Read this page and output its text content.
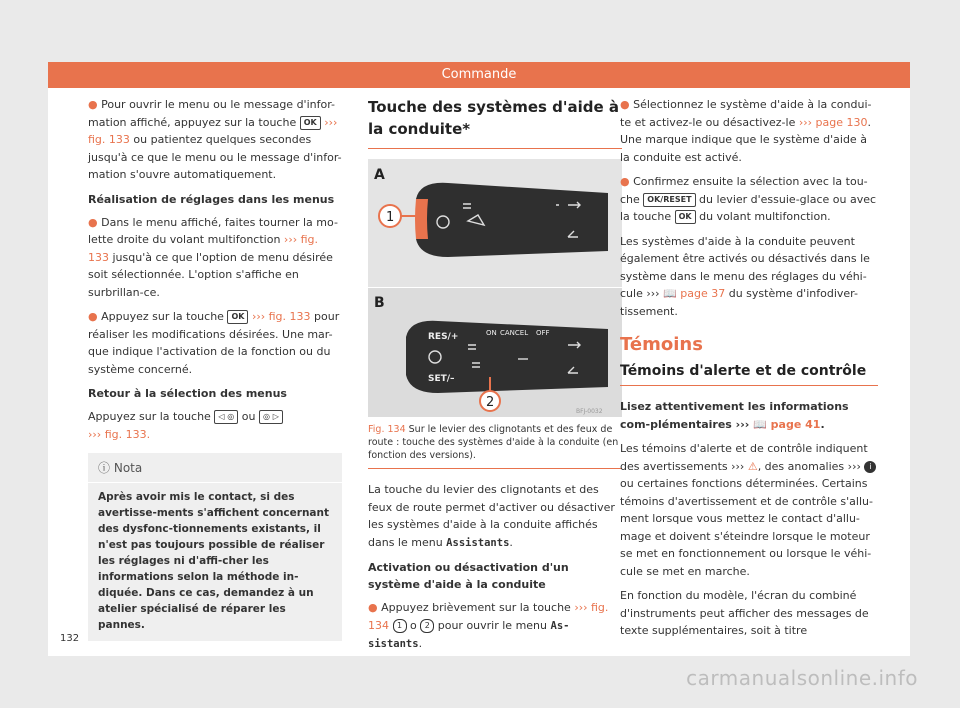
Commande

● Pour ouvrir le menu ou le message d'infor-mation affiché, appuyez sur la touche OK ››› fig. 133 ou patientez quelques secondes jusqu'à ce que le menu ou le message d'infor-mation s'ouvre automatiquement.

Réalisation de réglages dans les menus

● Dans le menu affiché, faites tourner la mo-lette droite du volant multifonction ››› fig. 133 jusqu'à ce que l'option de menu désirée soit sélectionnée. L'option s'affiche en surbrillan-ce.

● Appuyez sur la touche OK ››› fig. 133 pour réaliser les modifications désirées. Une mar-que indique l'activation de la fonction ou du système concerné.

Retour à la sélection des menus

Appuyez sur la touche ◁ ◎ ou ◎ ▷
››› fig. 133.

ⓘ Nota
Après avoir mis le contact, si des avertisse-ments s'affichent concernant des dysfonc-tionnements existants, il n'est pas toujours possible de réaliser les réglages ni d'affi-cher les informations selon la méthode in-diquée. Dans ce cas, demandez à un atelier spécialisé de réparer les pannes.
Touche des systèmes d'aide à la conduite*
A
B
1
RES/+
SET/–
ON CANCEL OFF
2
BFJ-0032
Fig. 134 Sur le levier des clignotants et des feux de route : touche des systèmes d'aide à la conduite (en fonction des versions).

La touche du levier des clignotants et des feux de route permet d'activer ou désactiver les systèmes d'aide à la conduite affichés dans le menu Assistants.

Activation ou désactivation d'un système d'aide à la conduite

● Appuyez brièvement sur la touche ››› fig. 134 1 o 2 pour ouvrir le menu As-sistants.

● Sélectionnez le système d'aide à la condui-te et activez-le ou désactivez-le ››› page 130. Une marque indique que le système d'aide à la conduite est activé.

● Confirmez ensuite la sélection avec la tou-che OK/RESET du levier d'essuie-glace ou avec la touche OK du volant multifonction.

Les systèmes d'aide à la conduite peuvent également être activés ou désactivés dans le système dans le menu des réglages du véhi-cule ››› 📖 page 37 du système d'infodiver-tissement.

Témoins
Témoins d'alerte et de contrôle

Lisez attentivement les informations com-plémentaires ››› 📖 page 41.

Les témoins d'alerte et de contrôle indiquent des avertissements ››› ⚠, des anomalies ››› i ou certaines fonctions déterminées. Certains témoins d'avertissement et de contrôle s'allu-ment lorsque vous mettez le contact d'allu-mage et doivent s'éteindre lorsque le moteur se met en fonctionnement ou lorsque le véhi-cule se met en marche.

En fonction du modèle, l'écran du combiné d'instruments peut afficher des messages de texte supplémentaires, soit à titre

132
carmanualsonline.info
